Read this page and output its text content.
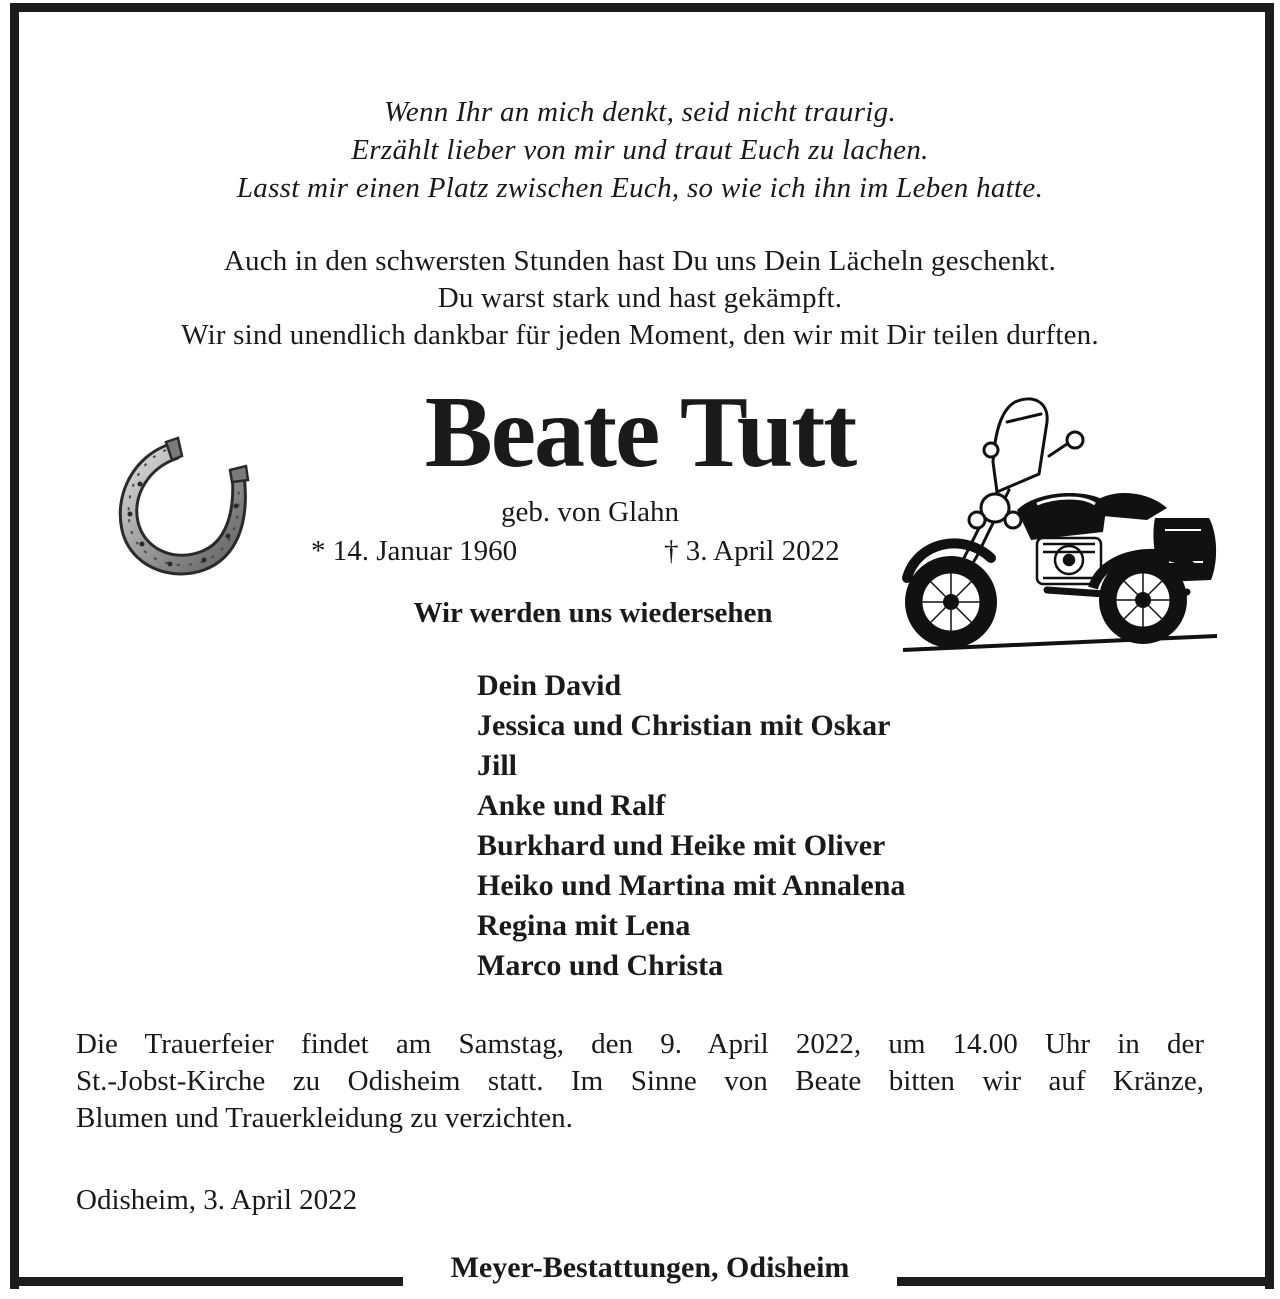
Wenn Ihr an mich denkt, seid nicht traurig.
Erzählt lieber von mir und traut Euch zu lachen.
Lasst mir einen Platz zwischen Euch, so wie ich ihn im Leben hatte.
Auch in den schwersten Stunden hast Du uns Dein Lächeln geschenkt.
Du warst stark und hast gekämpft.
Wir sind unendlich dankbar für jeden Moment, den wir mit Dir teilen durften.
Beate Tutt
geb. von Glahn
* 14. Januar 1960	† 3. April 2022
Wir werden uns wiedersehen
Dein David
Jessica und Christian mit Oskar
Jill
Anke und Ralf
Burkhard und Heike mit Oliver
Heiko und Martina mit Annalena
Regina mit Lena
Marco und Christa
Die Trauerfeier findet am Samstag, den 9. April 2022, um 14.00 Uhr in der
St.-Jobst-Kirche zu Odisheim statt. Im Sinne von Beate bitten wir auf Kränze,
Blumen und Trauerkleidung zu verzichten.
Odisheim, 3. April 2022
Meyer-Bestattungen, Odisheim
